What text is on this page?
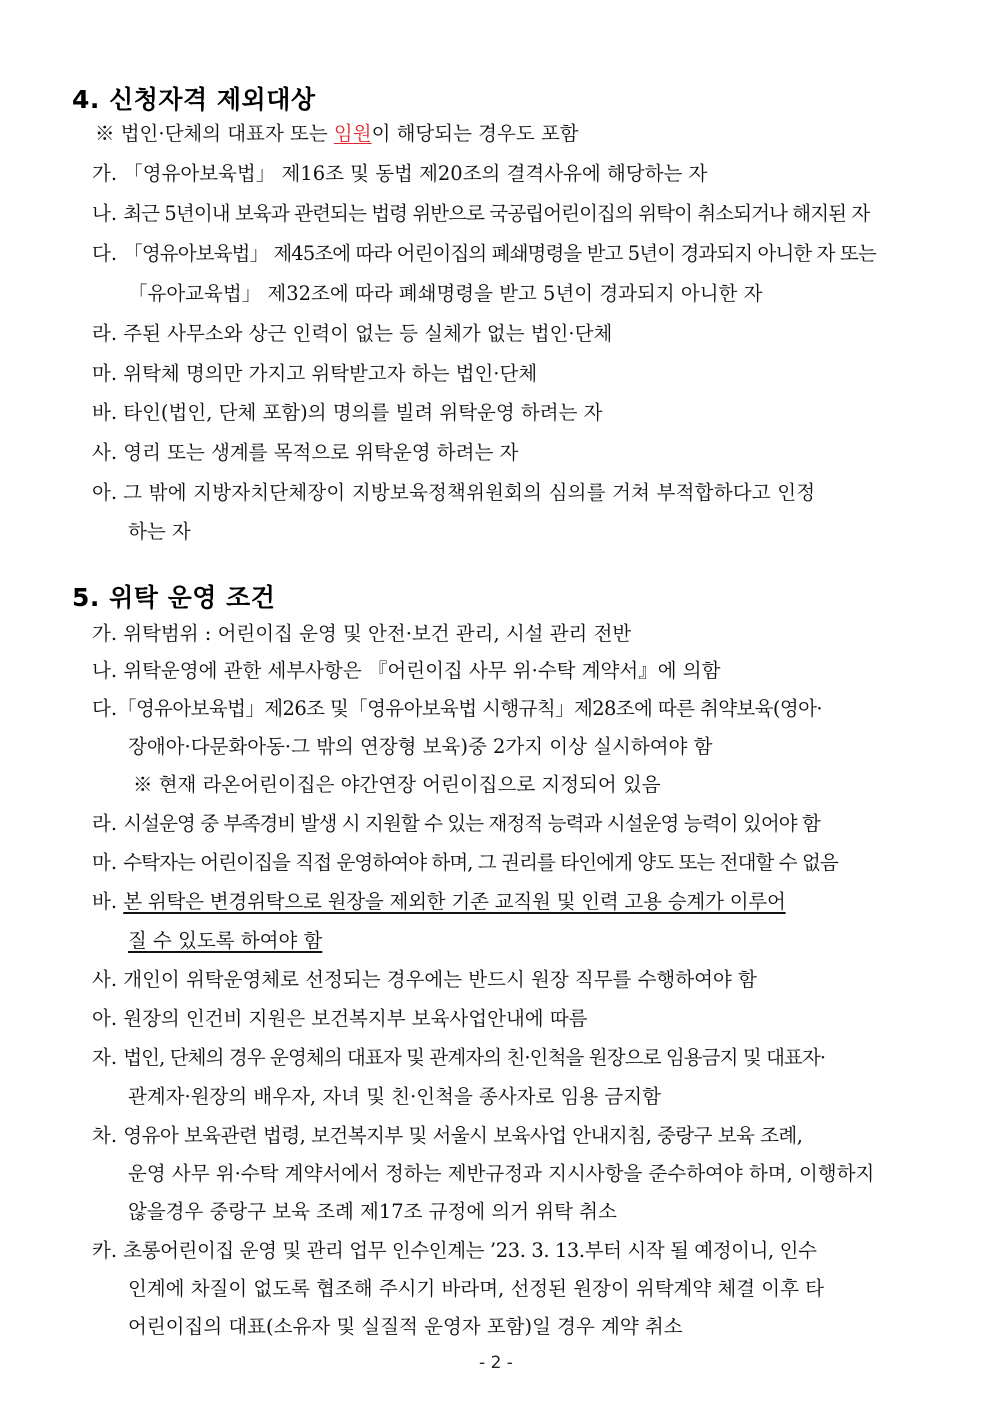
4. 신청자격 제외대상
※ 법인·단체의 대표자 또는 임원이 해당되는 경우도 포함
가. 「영유아보육법」 제16조 및 동법 제20조의 결격사유에 해당하는 자
나. 최근 5년이내 보육과 관련되는 법령 위반으로 국공립어린이집의 위탁이 취소되거나 해지된 자
다. 「영유아보육법」 제45조에 따라 어린이집의 폐쇄명령을 받고 5년이 경과되지 아니한 자 또는
「유아교육법」 제32조에 따라 폐쇄명령을 받고 5년이 경과되지 아니한 자
라. 주된 사무소와 상근 인력이 없는 등 실체가 없는 법인·단체
마. 위탁체 명의만 가지고 위탁받고자 하는 법인·단체
바. 타인(법인, 단체 포함)의 명의를 빌려 위탁운영 하려는 자
사. 영리 또는 생계를 목적으로 위탁운영 하려는 자
아. 그 밖에 지방자치단체장이 지방보육정책위원회의 심의를 거쳐 부적합하다고 인정
하는 자
5. 위탁 운영 조건
가. 위탁범위 : 어린이집 운영 및 안전·보건 관리, 시설 관리 전반
나. 위탁운영에 관한 세부사항은 『어린이집 사무 위·수탁 계약서』에 의함
다.「영유아보육법」제26조 및「영유아보육법 시행규칙」제28조에 따른 취약보육(영아·
장애아·다문화아동·그 밖의 연장형 보육)중 2가지 이상 실시하여야 함
※ 현재 라온어린이집은 야간연장 어린이집으로 지정되어 있음
라. 시설운영 중 부족경비 발생 시 지원할 수 있는 재정적 능력과 시설운영 능력이 있어야 함
마. 수탁자는 어린이집을 직접 운영하여야 하며, 그 권리를 타인에게 양도 또는 전대할 수 없음
바. 본 위탁은 변경위탁으로 원장을 제외한 기존 교직원 및 인력 고용 승계가 이루어
질 수 있도록 하여야 함
사. 개인이 위탁운영체로 선정되는 경우에는 반드시 원장 직무를 수행하여야 함
아. 원장의 인건비 지원은 보건복지부 보육사업안내에 따름
자. 법인, 단체의 경우 운영체의 대표자 및 관계자의 친·인척을 원장으로 임용금지 및 대표자·
관계자·원장의 배우자, 자녀 및 친·인척을 종사자로 임용 금지함
차. 영유아 보육관련 법령, 보건복지부 및 서울시 보육사업 안내지침, 중랑구 보육 조례,
운영 사무 위·수탁 계약서에서 정하는 제반규정과 지시사항을 준수하여야 하며, 이행하지
않을경우 중랑구 보육 조례 제17조 규정에 의거 위탁 취소
카. 초롱어린이집 운영 및 관리 업무 인수인계는 ’23. 3. 13.부터 시작 될 예정이니, 인수
인계에 차질이 없도록 협조해 주시기 바라며, 선정된 원장이 위탁계약 체결 이후 타
어린이집의 대표(소유자 및 실질적 운영자 포함)일 경우 계약 취소
- 2 -
